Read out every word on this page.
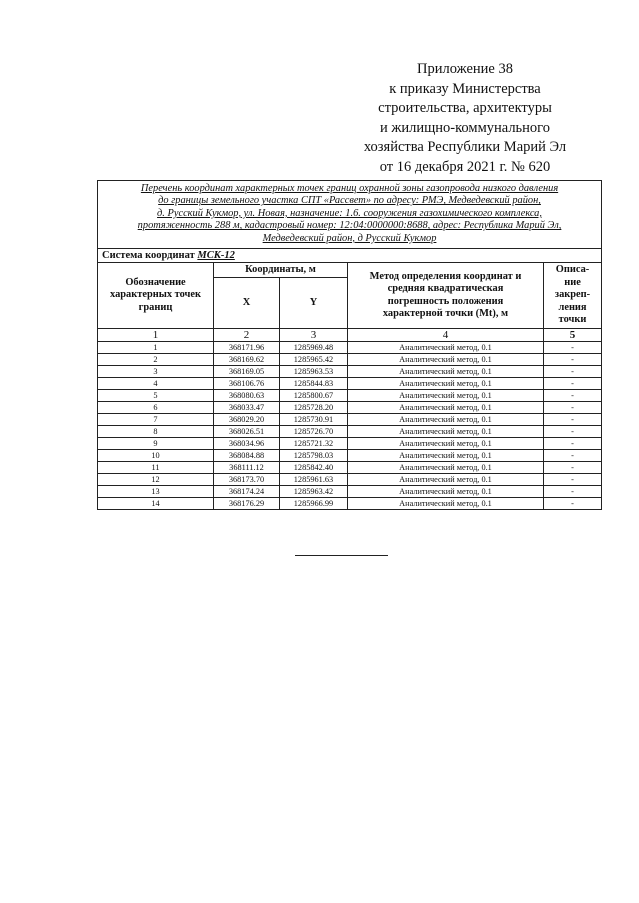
Приложение 38
к приказу Министерства
строительства, архитектуры
и жилищно-коммунального
хозяйства Республики Марий Эл
от 16 декабря 2021 г. № 620
Перечень координат характерных точек границ охранной зоны газопровода низкого давления
до границы земельного участка СПТ «Рассвет» по адресу: РМЭ, Медведевский район,
д. Русский Кукмор, ул. Новая, назначение: 1.6. сооружения газохимического комплекса,
протяженность 288 м, кадастровый номер: 12:04:0000000:8688, адрес: Республика Марий Эл,
Медведевский район, д Русский Кукмор				

Система координат МСК-12				

Обозначение
характерных точек
границ	Координаты, м		Метод определения координат и
средняя квадратическая
погрешность положения
характерной точки (Mt), м	Описа-
ние
закреп-
ления
точки

	X	Y		
1	2	3	4	5
1	368171.96	1285969.48	Аналитический метод, 0.1	-
2	368169.62	1285965.42	Аналитический метод, 0.1	-
3	368169.05	1285963.53	Аналитический метод, 0.1	-
4	368106.76	1285844.83	Аналитический метод, 0.1	-
5	368080.63	1285800.67	Аналитический метод, 0.1	-
6	368033.47	1285728.20	Аналитический метод, 0.1	-
7	368029.20	1285730.91	Аналитический метод, 0.1	-
8	368026.51	1285726.70	Аналитический метод, 0.1	-
9	368034.96	1285721.32	Аналитический метод, 0.1	-
10	368084.88	1285798.03	Аналитический метод, 0.1	-
11	368111.12	1285842.40	Аналитический метод, 0.1	-
12	368173.70	1285961.63	Аналитический метод, 0.1	-
13	368174.24	1285963.42	Аналитический метод, 0.1	-
14	368176.29	1285966.99	Аналитический метод, 0.1	-
